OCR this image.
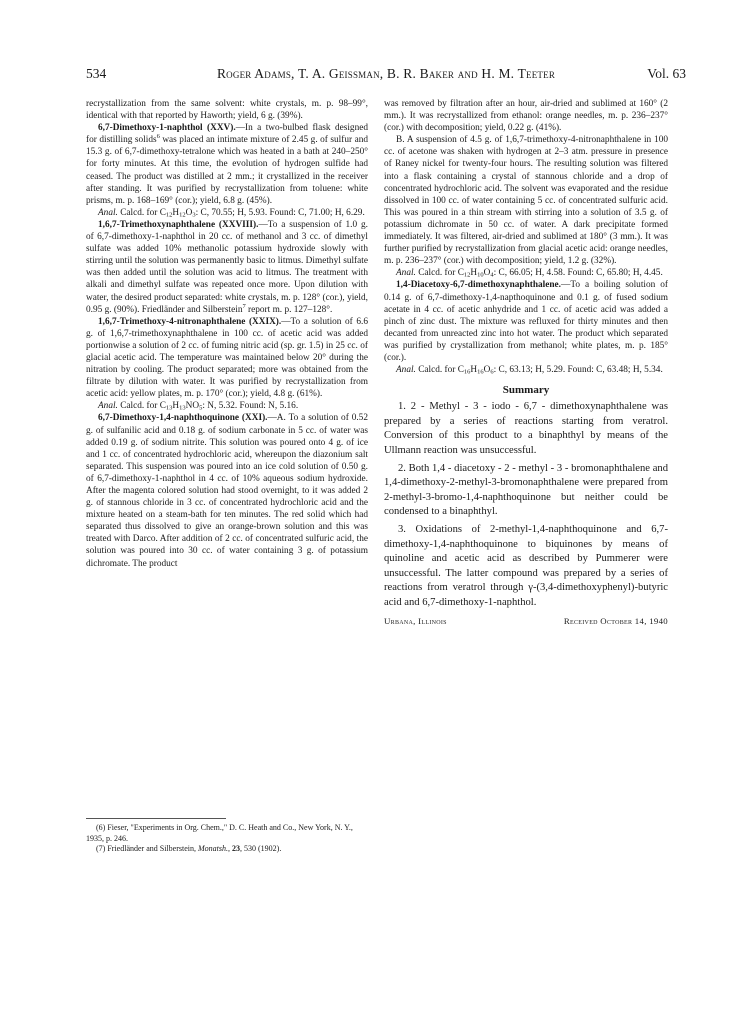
534	Roger Adams, T. A. Geissman, B. R. Baker and H. M. Teeter	Vol. 63

recrystallization from the same solvent: white crystals, m. p. 98–99°, identical with that reported by Haworth; yield, 6 g. (39%).

6,7-Dimethoxy-1-naphthol (XXV).—In a two-bulbed flask designed for distilling solids$^6$ was placed an intimate mixture of 2.45 g. of sulfur and 15.3 g. of 6,7-dimethoxy-tetralone which was heated in a bath at 240–250° for forty minutes. At this time, the evolution of hydrogen sulfide had ceased. The product was distilled at 2 mm.; it crystallized in the receiver after standing. It was purified by recrystallization from toluene: white prisms, m. p. 168–169° (cor.); yield, 6.8 g. (45%).

Anal. Calcd. for $C_{12}H_{12}O_3$: C, 70.55; H, 5.93. Found: C, 71.00; H, 6.29.

1,6,7-Trimethoxynaphthalene (XXVIII).—To a suspension of 1.0 g. of 6,7-dimethoxy-1-naphthol in 20 cc. of methanol and 3 cc. of dimethyl sulfate was added 10% methanolic potassium hydroxide slowly with stirring until the solution was permanently basic to litmus. Dimethyl sulfate was then added until the solution was acid to litmus. The treatment with alkali and dimethyl sulfate was repeated once more. Upon dilution with water, the desired product separated: white crystals, m. p. 128° (cor.), yield, 0.95 g. (90%). Friedländer and Silberstein$^7$ report m. p. 127–128°.

1,6,7-Trimethoxy-4-nitronaphthalene (XXIX).—To a solution of 6.6 g. of 1,6,7-trimethoxynaphthalene in 100 cc. of acetic acid was added portionwise a solution of 2 cc. of fuming nitric acid (sp. gr. 1.5) in 25 cc. of glacial acetic acid. The temperature was maintained below 20° during the nitration by cooling. The product separated; more was obtained from the filtrate by dilution with water. It was purified by recrystallization from acetic acid: yellow plates, m. p. 170° (cor.); yield, 4.8 g. (61%).

Anal. Calcd. for $C_{13}H_{13}NO_5$: N, 5.32. Found: N, 5.16.

6,7-Dimethoxy-1,4-naphthoquinone (XXI).—A. To a solution of 0.52 g. of sulfanilic acid and 0.18 g. of sodium carbonate in 5 cc. of water was added 0.19 g. of sodium nitrite. This solution was poured onto 4 g. of ice and 1 cc. of concentrated hydrochloric acid, whereupon the diazonium salt separated. This suspension was poured into an ice cold solution of 0.50 g. of 6,7-dimethoxy-1-naphthol in 4 cc. of 10% aqueous sodium hydroxide. After the magenta colored solution had stood overnight, to it was added 2 g. of stannous chloride in 3 cc. of concentrated hydrochloric acid and the mixture heated on a steam-bath for ten minutes. The red solid which had separated thus dissolved to give an orange-brown solution and this was treated with Darco. After addition of 2 cc. of concentrated sulfuric acid, the solution was poured into 30 cc. of water containing 3 g. of potassium dichromate. The product

(6) Fieser, "Experiments in Org. Chem.," D. C. Heath and Co., New York, N. Y., 1935, p. 246.

(7) Friedländer and Silberstein, Monatsh., 23, 530 (1902).

was removed by filtration after an hour, air-dried and sublimed at 160° (2 mm.). It was recrystallized from ethanol: orange needles, m. p. 236–237° (cor.) with decomposition; yield, 0.22 g. (41%).

B. A suspension of 4.5 g. of 1,6,7-trimethoxy-4-nitronaphthalene in 100 cc. of acetone was shaken with hydrogen at 2–3 atm. pressure in presence of Raney nickel for twenty-four hours. The resulting solution was filtered into a flask containing a crystal of stannous chloride and a drop of concentrated hydrochloric acid. The solvent was evaporated and the residue dissolved in 100 cc. of water containing 5 cc. of concentrated sulfuric acid. This was poured in a thin stream with stirring into a solution of 3.5 g. of potassium dichromate in 50 cc. of water. A dark precipitate formed immediately. It was filtered, air-dried and sublimed at 180° (3 mm.). It was further purified by recrystallization from glacial acetic acid: orange needles, m. p. 236–237° (cor.) with decomposition; yield, 1.2 g. (32%).

Anal. Calcd. for $C_{12}H_{10}O_4$: C, 66.05; H, 4.58. Found: C, 65.80; H, 4.45.

1,4-Diacetoxy-6,7-dimethoxynaphthalene.—To a boiling solution of 0.14 g. of 6,7-dimethoxy-1,4-napthoquinone and 0.1 g. of fused sodium acetate in 4 cc. of acetic anhydride and 1 cc. of acetic acid was added a pinch of zinc dust. The mixture was refluxed for thirty minutes and then decanted from unreacted zinc into hot water. The product which separated was purified by crystallization from methanol; white plates, m. p. 185° (cor.).

Anal. Calcd. for $C_{16}H_{16}O_6$: C, 63.13; H, 5.29. Found: C, 63.48; H, 5.34.

Summary

1. 2 - Methyl - 3 - iodo - 6,7 - dimethoxynaphthalene was prepared by a series of reactions starting from veratrol. Conversion of this product to a binaphthyl by means of the Ullmann reaction was unsuccessful.

2. Both 1,4 - diacetoxy - 2 - methyl - 3 - bromonaphthalene and 1,4-dimethoxy-2-methyl-3-bromonaphthalene were prepared from 2-methyl-3-bromo-1,4-naphthoquinone but neither could be condensed to a binaphthyl.

3. Oxidations of 2-methyl-1,4-naphthoquinone and 6,7-dimethoxy-1,4-naphthoquinone to biquinones by means of quinoline and acetic acid as described by Pummerer were unsuccessful. The latter compound was prepared by a series of reactions from veratrol through γ-(3,4-dimethoxyphenyl)-butyric acid and 6,7-dimethoxy-1-naphthol.

Urbana, Illinois	Received October 14, 1940
